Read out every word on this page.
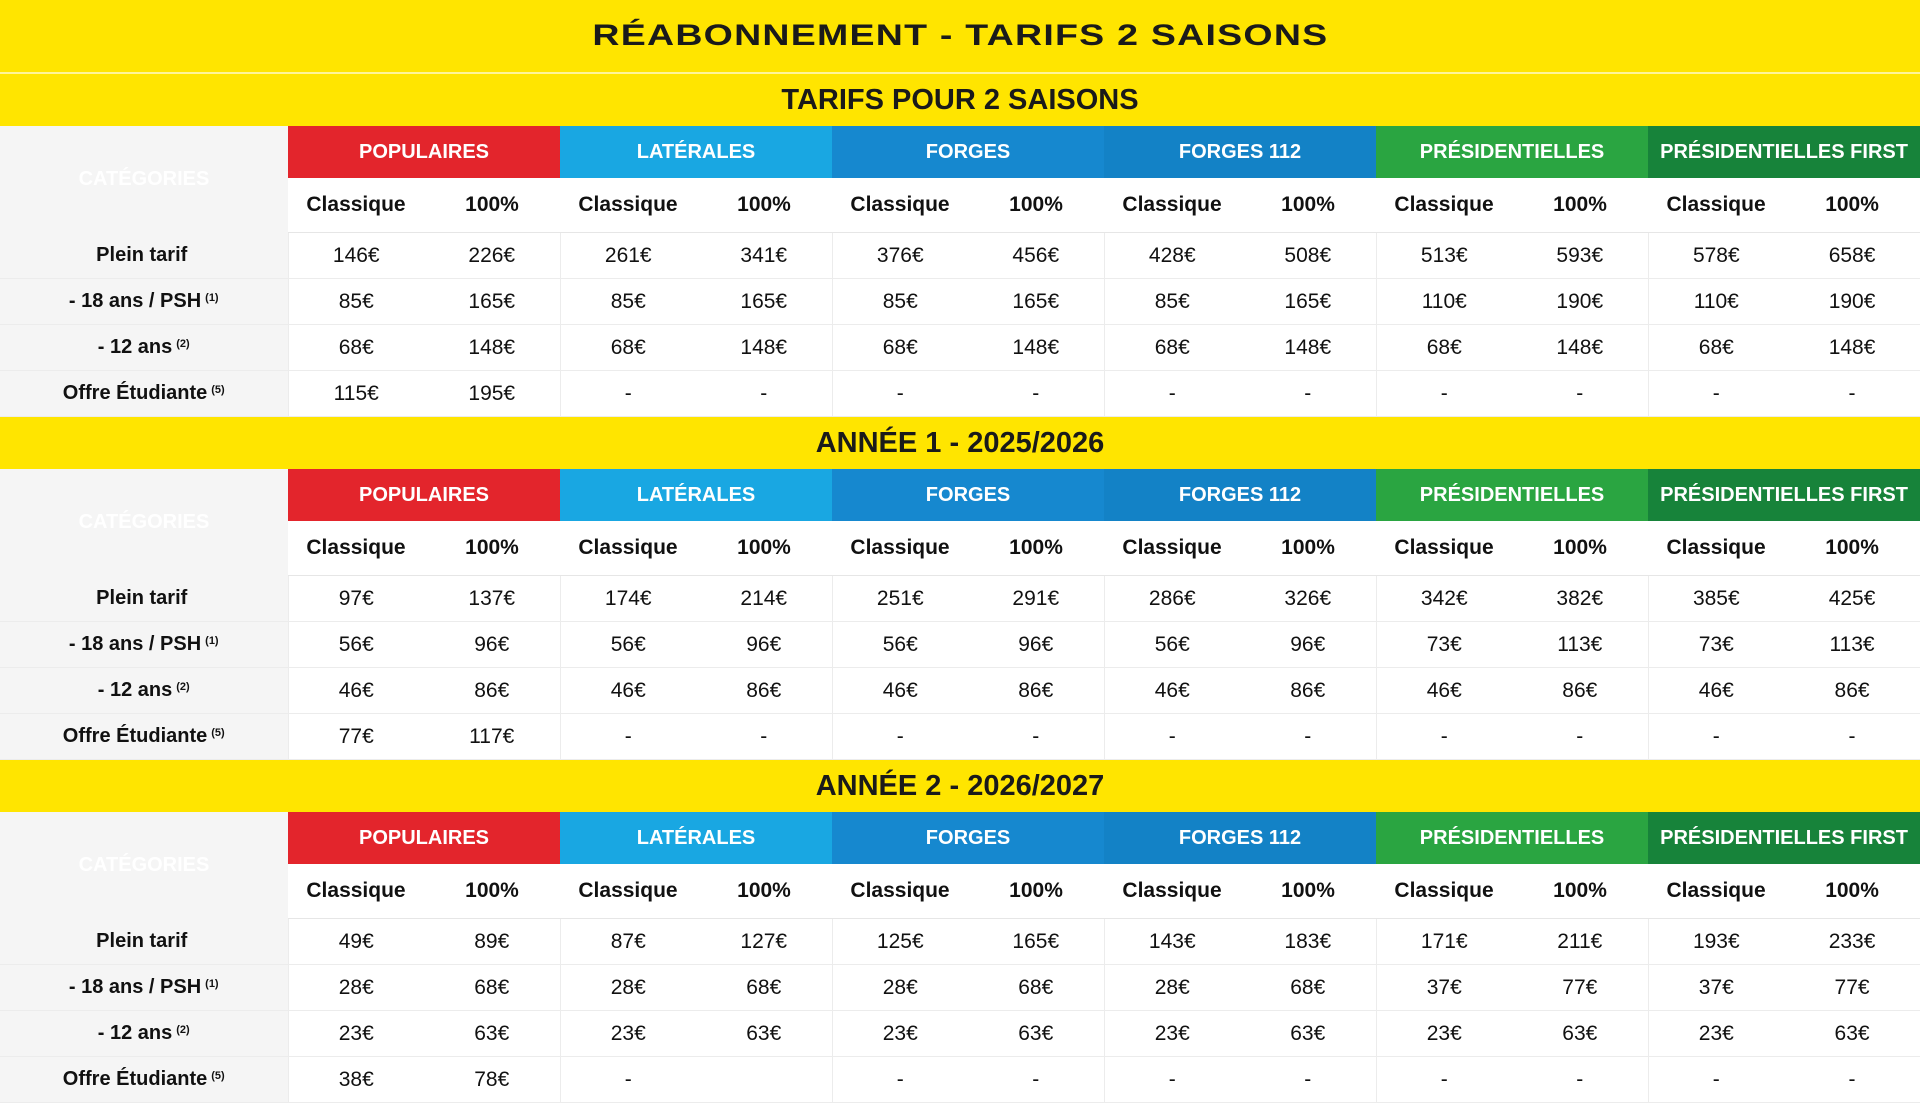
RÉABONNEMENT - TARIFS 2 SAISONS
TARIFS POUR 2 SAISONS
CATÉGORIES	POPULAIRES		LATÉRALES		FORGES		FORGES 112		PRÉSIDENTIELLES		PRÉSIDENTIELLES FIRST	
	Classique	100%	Classique	100%	Classique	100%	Classique	100%	Classique	100%	Classique	100%
Plein tarif	146€	226€	261€	341€	376€	456€	428€	508€	513€	593€	578€	658€
- 18 ans / PSH $^{(1)}$	85€	165€	85€	165€	85€	165€	85€	165€	110€	190€	110€	190€
- 12 ans $^{(2)}$	68€	148€	68€	148€	68€	148€	68€	148€	68€	148€	68€	148€
Offre Étudiante $^{(5)}$	115€	195€	-	-	-	-	-	-	-	-	-	-
ANNÉE 1 - 2025/2026
CATÉGORIES	POPULAIRES		LATÉRALES		FORGES		FORGES 112		PRÉSIDENTIELLES		PRÉSIDENTIELLES FIRST	
	Classique	100%	Classique	100%	Classique	100%	Classique	100%	Classique	100%	Classique	100%
Plein tarif	97€	137€	174€	214€	251€	291€	286€	326€	342€	382€	385€	425€
- 18 ans / PSH $^{(1)}$	56€	96€	56€	96€	56€	96€	56€	96€	73€	113€	73€	113€
- 12 ans $^{(2)}$	46€	86€	46€	86€	46€	86€	46€	86€	46€	86€	46€	86€
Offre Étudiante $^{(5)}$	77€	117€	-	-	-	-	-	-	-	-	-	-
ANNÉE 2 - 2026/2027
CATÉGORIES	POPULAIRES		LATÉRALES		FORGES		FORGES 112		PRÉSIDENTIELLES		PRÉSIDENTIELLES FIRST	
	Classique	100%	Classique	100%	Classique	100%	Classique	100%	Classique	100%	Classique	100%
Plein tarif	49€	89€	87€	127€	125€	165€	143€	183€	171€	211€	193€	233€
- 18 ans / PSH $^{(1)}$	28€	68€	28€	68€	28€	68€	28€	68€	37€	77€	37€	77€
- 12 ans $^{(2)}$	23€	63€	23€	63€	23€	63€	23€	63€	23€	63€	23€	63€
Offre Étudiante $^{(5)}$	38€	78€	-		-	-	-	-	-	-	-	-
